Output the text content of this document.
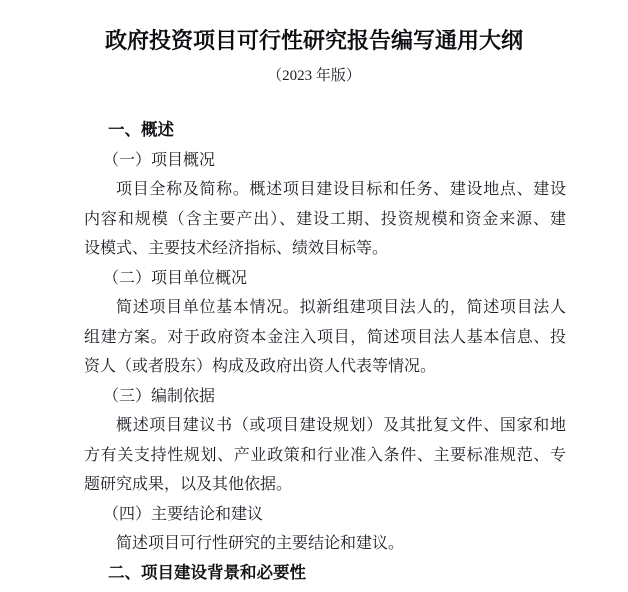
政府投资项目可行性研究报告编写通用大纲
（2023 年版）
一、概述
（一）项目概况
项目全称及简称。概述项目建设目标和任务、建设地点、建设
内容和规模（含主要产出）、建设工期、投资规模和资金来源、建
设模式、主要技术经济指标、绩效目标等。
（二）项目单位概况
简述项目单位基本情况。拟新组建项目法人的，简述项目法人
组建方案。对于政府资本金注入项目，简述项目法人基本信息、投
资人（或者股东）构成及政府出资人代表等情况。
（三）编制依据
概述项目建议书（或项目建设规划）及其批复文件、国家和地
方有关支持性规划、产业政策和行业准入条件、主要标准规范、专
题研究成果，以及其他依据。
（四）主要结论和建议
简述项目可行性研究的主要结论和建议。
二、项目建设背景和必要性
